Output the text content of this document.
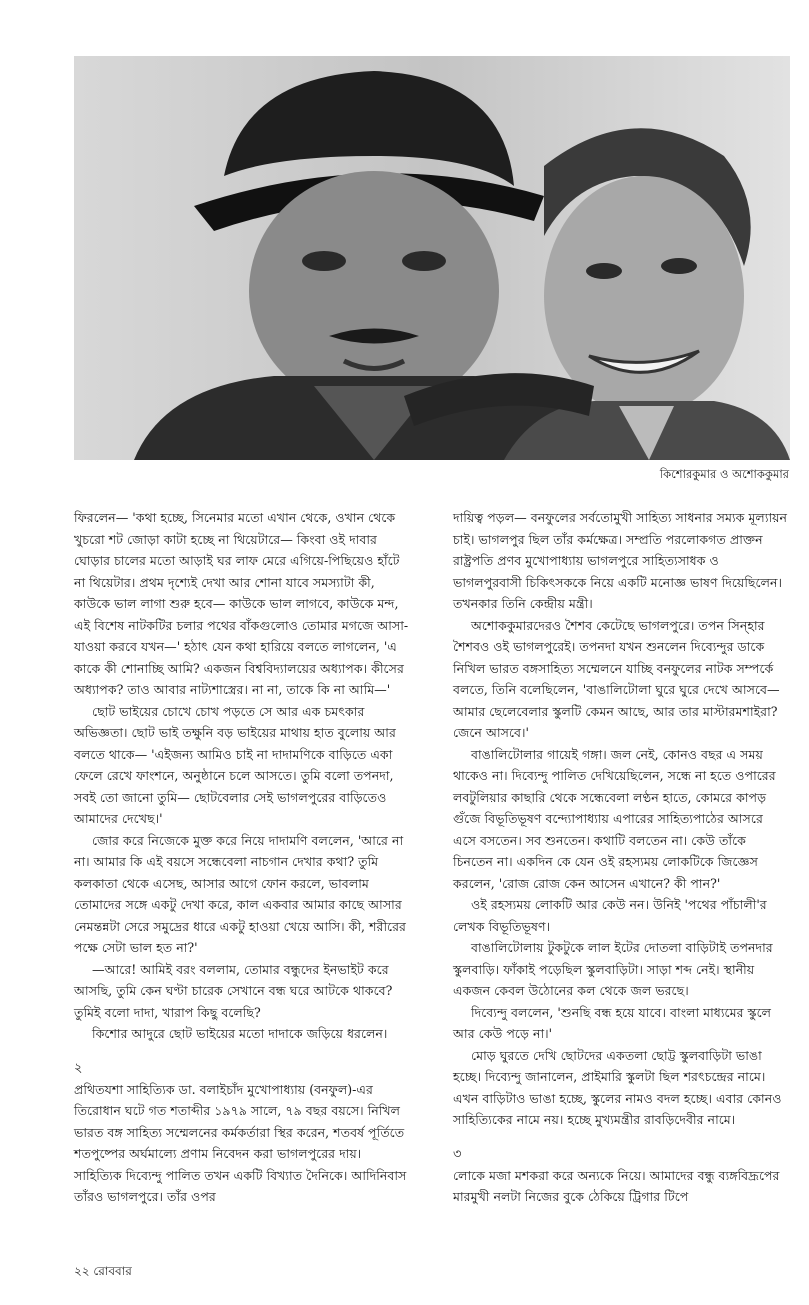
কিশোরকুমার ও অশোককুমার

ফিরলেন— 'কথা হচ্ছে, সিনেমার মতো এখান থেকে, ওখান থেকে খুচরো শট জোড়া কাটা হচ্ছে না থিয়েটারে— কিংবা ওই দাবার ঘোড়ার চালের মতো আড়াই ঘর লাফ মেরে এগিয়ে-পিছিয়েও হাঁটে না থিয়েটার। প্রথম দৃশ্যেই দেখা আর শোনা যাবে সমস্যাটা কী, কাউকে ভাল লাগা শুরু হবে— কাউকে ভাল লাগবে, কাউকে মন্দ, এই বিশেষ নাটকটির চলার পথের বাঁকগুলোও তোমার মগজে আসা-যাওয়া করবে যখন—' হঠাৎ যেন কথা হারিয়ে বলতে লাগলেন, 'এ কাকে কী শোনাচ্ছি আমি? একজন বিশ্ববিদ্যালয়ের অধ্যাপক। কীসের অধ্যাপক? তাও আবার নাট্যশাস্ত্রের। না না, তাকে কি না আমি—'

ছোট ভাইয়ের চোখে চোখ পড়তে সে আর এক চমৎকার অভিজ্ঞতা। ছোট ভাই তক্ষুনি বড় ভাইয়ের মাথায় হাত বুলোয় আর বলতে থাকে— 'এইজন্য আমিও চাই না দাদামণিকে বাড়িতে একা ফেলে রেখে ফাংশনে, অনুষ্ঠানে চলে আসতে। তুমি বলো তপনদা, সবই তো জানো তুমি— ছোটবেলার সেই ভাগলপুরের বাড়িতেও আমাদের দেখেছ।'

জোর করে নিজেকে মুক্ত করে নিয়ে দাদামণি বললেন, 'আরে না না। আমার কি এই বয়সে সন্ধেবেলা নাচগান দেখার কথা? তুমি কলকাতা থেকে এসেছ, আসার আগে ফোন করলে, ভাবলাম তোমাদের সঙ্গে একটু দেখা করে, কাল একবার আমার কাছে আসার নেমন্তন্নটা সেরে সমুদ্রের ধারে একটু হাওয়া খেয়ে আসি। কী, শরীরের পক্ষে সেটা ভাল হত না?'

—আরে! আমিই বরং বললাম, তোমার বন্ধুদের ইনভাইট করে আসছি, তুমি কেন ঘণ্টা চারেক সেখানে বন্ধ ঘরে আটকে থাকবে? তুমিই বলো দাদা, খারাপ কিছু বলেছি?

কিশোর আদুরে ছোট ভাইয়ের মতো দাদাকে জড়িয়ে ধরলেন।

২

প্রথিতযশা সাহিত্যিক ডা. বলাইচাঁদ মুখোপাধ্যায় (বনফুল)-এর তিরোধান ঘটে গত শতাব্দীর ১৯৭৯ সালে, ৭৯ বছর বয়সে। নিখিল ভারত বঙ্গ সাহিত্য সম্মেলনের কর্মকর্তারা স্থির করেন, শতবর্ষ পূর্তিতে শতপুষ্পের অর্ঘমাল্যে প্রণাম নিবেদন করা ভাগলপুরের দায়। সাহিত্যিক দিব্যেন্দু পালিত তখন একটি বিখ্যাত দৈনিকে। আদিনিবাস তাঁরও ভাগলপুরে। তাঁর ওপর

দায়িত্ব পড়ল— বনফুলের সর্বতোমুখী সাহিত্য সাধনার সম্যক মূল্যায়ন চাই। ভাগলপুর ছিল তাঁর কর্মক্ষেত্র। সম্প্রতি পরলোকগত প্রাক্তন রাষ্ট্রপতি প্রণব মুখোপাধ্যায় ভাগলপুরে সাহিত্যসাধক ও ভাগলপুরবাসী চিকিৎসককে নিয়ে একটি মনোজ্ঞ ভাষণ দিয়েছিলেন। তখনকার তিনি কেন্দ্রীয় মন্ত্রী।

অশোককুমারদেরও শৈশব কেটেছে ভাগলপুরে। তপন সিন্হার শৈশবও ওই ভাগলপুরেই। তপনদা যখন শুনলেন দিব্যেন্দুর ডাকে নিখিল ভারত বঙ্গসাহিত্য সম্মেলনে যাচ্ছি বনফুলের নাটক সম্পর্কে বলতে, তিনি বলেছিলেন, 'বাঙালিটোলা ঘুরে ঘুরে দেখে আসবে— আমার ছেলেবেলার স্কুলটি কেমন আছে, আর তার মাস্টারমশাইরা? জেনে আসবে।'

বাঙালিটোলার গায়েই গঙ্গা। জল নেই, কোনও বছর এ সময় থাকেও না। দিব্যেন্দু পালিত দেখিয়েছিলেন, সন্ধে না হতে ওপারের লবটুলিয়ার কাছারি থেকে সন্ধেবেলা লণ্ঠন হাতে, কোমরে কাপড় গুঁজে বিভূতিভূষণ বন্দ্যোপাধ্যায় এপারের সাহিত্যপাঠের আসরে এসে বসতেন। সব শুনতেন। কথাটি বলতেন না। কেউ তাঁকে চিনতেন না। একদিন কে যেন ওই রহস্যময় লোকটিকে জিজ্ঞেস করলেন, 'রোজ রোজ কেন আসেন এখানে? কী পান?'

ওই রহস্যময় লোকটি আর কেউ নন। উনিই 'পথের পাঁচালী'র লেখক বিভূতিভূষণ।

বাঙালিটোলায় টুকটুকে লাল ইটের দোতলা বাড়িটাই তপনদার স্কুলবাড়ি। ফাঁকাই পড়েছিল স্কুলবাড়িটা। সাড়া শব্দ নেই। স্থানীয় একজন কেবল উঠোনের কল থেকে জল ভরছে।

দিব্যেন্দু বললেন, 'শুনছি বন্ধ হয়ে যাবে। বাংলা মাধ্যমের স্কুলে আর কেউ পড়ে না।'

মোড় ঘুরতে দেখি ছোটদের একতলা ছোট্ট স্কুলবাড়িটা ভাঙা হচ্ছে। দিব্যেন্দু জানালেন, প্রাইমারি স্কুলটা ছিল শরৎচন্দ্রের নামে। এখন বাড়িটাও ভাঙা হচ্ছে, স্কুলের নামও বদল হচ্ছে। এবার কোনও সাহিত্যিকের নামে নয়। হচ্ছে মুখ্যমন্ত্রীর রাবড়িদেবীর নামে।

৩

লোকে মজা মশকরা করে অন্যকে নিয়ে। আমাদের বন্ধু ব্যঙ্গবিদ্রূপের মারমুখী নলটা নিজের বুকে ঠেকিয়ে ট্রিগার টিপে

২২ রোববার
